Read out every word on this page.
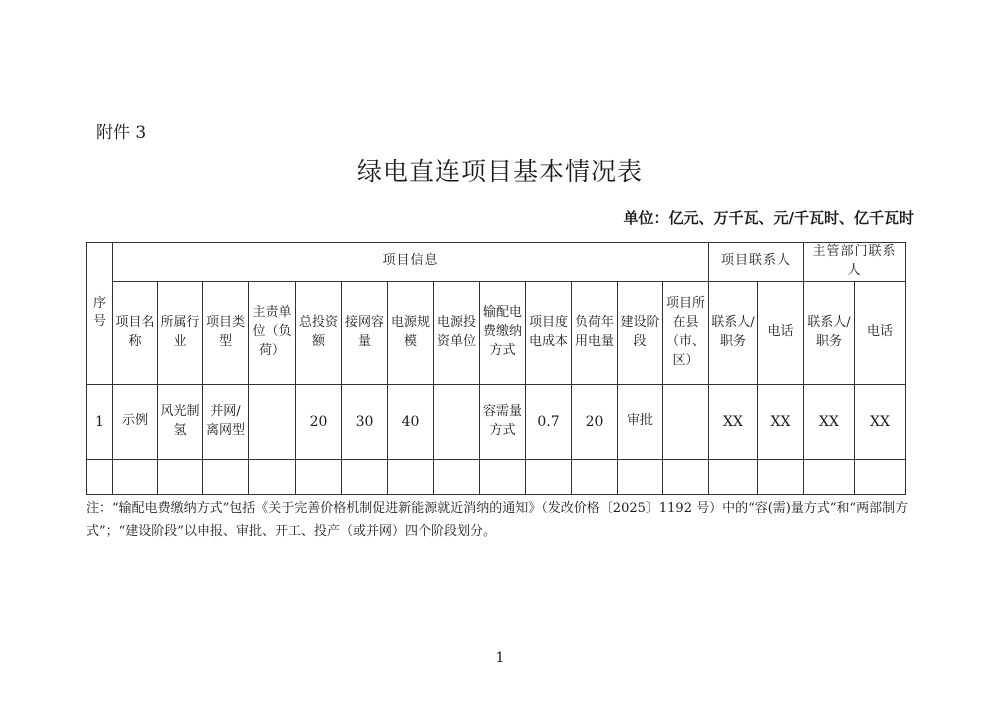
附件 3
绿电直连项目基本情况表
单位：亿元、万千瓦、元/千瓦时、亿千瓦时
序号	项目信息													项目联系人		主管部门联系人	
	项目名称	所属行业	项目类型	主责单位（负荷）	总投资额	接网容量	电源规模	电源投资单位	输配电费缴纳方式	项目度电成本	负荷年用电量	建设阶段	项目所在县（市、区）	联系人/职务	电话	联系人/职务	电话
1	示例	风光制氢	并网/离网型		20	30	40		容需量方式	0.7	20	审批		XX	XX	XX	XX

注：“输配电费缴纳方式”包括《关于完善价格机制促进新能源就近消纳的通知》（发改价格〔2025〕1192 号）中的“容(需)量方式”和“两部制方式”；“建设阶段”以申报、审批、开工、投产（或并网）四个阶段划分。
1
